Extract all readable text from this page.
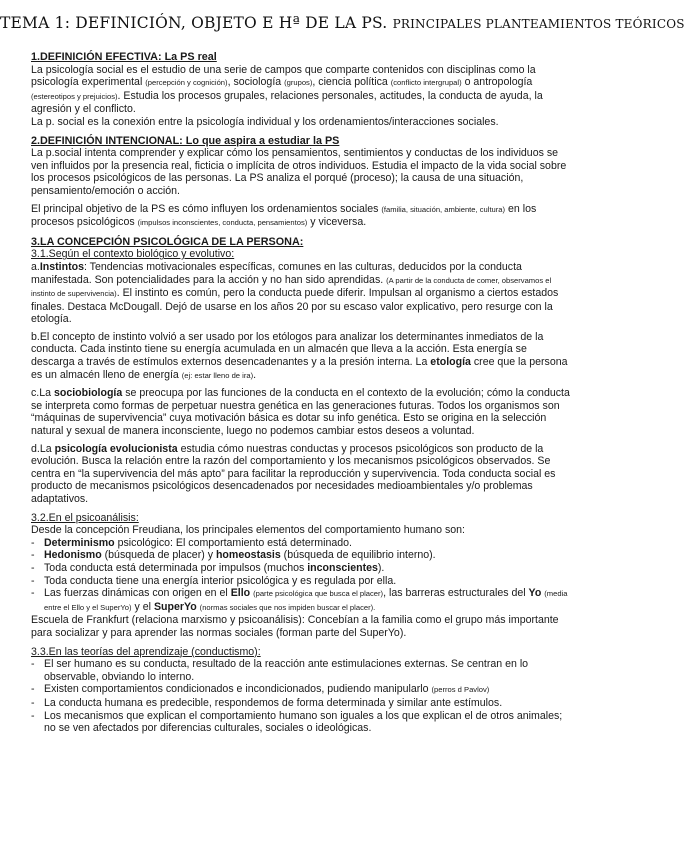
TEMA 1: DEFINICIÓN, OBJETO E Hª DE LA PS. PRINCIPALES PLANTEAMIENTOS TEÓRICOS

1.DEFINICIÓN EFECTIVA: La PS real

La psicología social es el estudio de una serie de campos que comparte contenidos con disciplinas como la psicología experimental (percepción y cognición), sociología (grupos), ciencia política (conflicto intergrupal) o antropología (estereotipos y prejuicios). Estudia los procesos grupales, relaciones personales, actitudes, la conducta de ayuda, la agresión y el conflicto.

La p. social es la conexión entre la psicología individual y los ordenamientos/interacciones sociales.

2.DEFINICIÓN INTENCIONAL: Lo que aspira a estudiar la PS

La p.social intenta comprender y explicar cómo los pensamientos, sentimientos y conductas de los individuos se ven influidos por la presencia real, ficticia o implícita de otros individuos. Estudia el impacto de la vida social sobre los procesos psicológicos de las personas. La PS analiza el porqué (proceso); la causa de una situación, pensamiento/emoción o acción.

El principal objetivo de la PS es cómo influyen los ordenamientos sociales (familia, situación, ambiente, cultura) en los procesos psicológicos (impulsos inconscientes, conducta, pensamientos) y viceversa.

3.LA CONCEPCIÓN PSICOLÓGICA DE LA PERSONA:

3.1.Según el contexto biológico y evolutivo:

a.Instintos: Tendencias motivacionales específicas, comunes en las culturas, deducidos por la conducta manifestada. Son potencialidades para la acción y no han sido aprendidas. (A partir de la conducta de comer, observamos el instinto de supervivencia). El instinto es común, pero la conducta puede diferir. Impulsan al organismo a ciertos estados finales. Destaca McDougall. Dejó de usarse en los años 20 por su escaso valor explicativo, pero resurge con la etología.

b.El concepto de instinto volvió a ser usado por los etólogos para analizar los determinantes inmediatos de la conducta. Cada instinto tiene su energía acumulada en un almacén que lleva a la acción. Esta energía se descarga a través de estímulos externos desencadenantes y a la presión interna. La etología cree que la persona es un almacén lleno de energía (ej: estar lleno de ira).

c.La sociobiología se preocupa por las funciones de la conducta en el contexto de la evolución; cómo la conducta se interpreta como formas de perpetuar nuestra genética en las generaciones futuras. Todos los organismos son “máquinas de supervivencia” cuya motivación básica es dotar su info genética. Esto se origina en la selección natural y sexual de manera inconsciente, luego no podemos cambiar estos deseos a voluntad.

d.La psicología evolucionista estudia cómo nuestras conductas y procesos psicológicos son producto de la evolución. Busca la relación entre la razón del comportamiento y los mecanismos psicológicos observados. Se centra en “la supervivencia del más apto” para facilitar la reproducción y supervivencia. Toda conducta social es producto de mecanismos psicológicos desencadenados por necesidades medioambientales y/o problemas adaptativos.

3.2.En el psicoanálisis:

Desde la concepción Freudiana, los principales elementos del comportamiento humano son:

- Determinismo psicológico: El comportamiento está determinado.
- Hedonismo (búsqueda de placer) y homeostasis (búsqueda de equilibrio interno).
- Toda conducta está determinada por impulsos (muchos inconscientes).
- Toda conducta tiene una energía interior psicológica y es regulada por ella.
- Las fuerzas dinámicas con origen en el Ello (parte psicológica que busca el placer), las barreras estructurales del Yo (media entre el Ello y el SuperYo) y el SuperYo (normas sociales que nos impiden buscar el placer).

Escuela de Frankfurt (relaciona marxismo y psicoanálisis): Concebían a la familia como el grupo más importante para socializar y para aprender las normas sociales (forman parte del SuperYo).

3.3.En las teorías del aprendizaje (conductismo):

- El ser humano es su conducta, resultado de la reacción ante estimulaciones externas. Se centran en lo observable, obviando lo interno.
- Existen comportamientos condicionados e incondicionados, pudiendo manipularlo (perros d Pavlov)
- La conducta humana es predecible, respondemos de forma determinada y similar ante estímulos.
- Los mecanismos que explican el comportamiento humano son iguales a los que explican el de otros animales; no se ven afectados por diferencias culturales, sociales o ideológicas.
